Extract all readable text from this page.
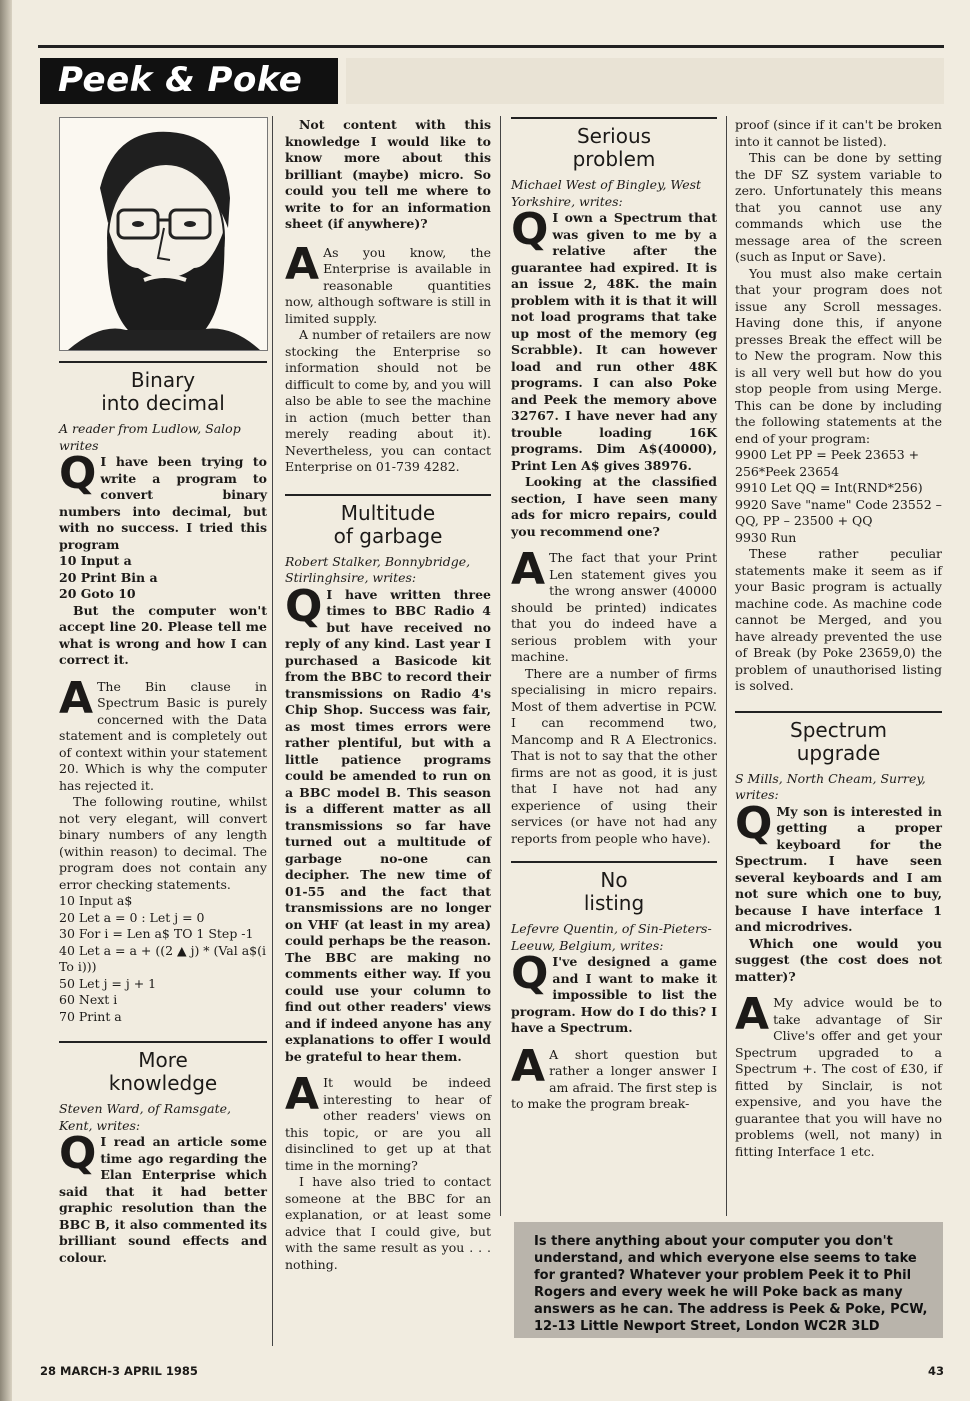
Peek & Poke
Binary
into decimal

A reader from Ludlow, Salop writes

Q I have been trying to write a program to convert binary numbers into decimal, but with no success. I tried this program

10 Input a

20 Print Bin a

20 Goto 10

But the computer won't accept line 20. Please tell me what is wrong and how I can correct it.

A The Bin clause in Spectrum Basic is purely concerned with the Data statement and is completely out of context within your statement 20. Which is why the computer has rejected it.

The following routine, whilst not very elegant, will convert binary numbers of any length (within reason) to decimal. The program does not contain any error checking statements.

10 Input a$

20 Let a = 0 : Let j = 0

30 For i = Len a$ TO 1 Step -1

40 Let a = a + ((2 ▲ j) * (Val a$(i To i)))

50 Let j = j + 1

60 Next i

70 Print a

More
knowledge

Steven Ward, of Ramsgate, Kent, writes:

Q I read an article some time ago regarding the Elan Enterprise which said that it had better graphic resolution than the BBC B, it also commented its brilliant sound effects and colour.

Not content with this knowledge I would like to know more about this brilliant (maybe) micro. So could you tell me where to write to for an information sheet (if anywhere)?

A As you know, the Enterprise is available in reasonable quantities now, although software is still in limited supply.

A number of retailers are now stocking the Enterprise so information should not be difficult to come by, and you will also be able to see the machine in action (much better than merely reading about it). Nevertheless, you can contact Enterprise on 01-739 4282.

Multitude
of garbage

Robert Stalker, Bonnybridge, Stirlinghsire, writes:

Q I have written three times to BBC Radio 4 but have received no reply of any kind. Last year I purchased a Basicode kit from the BBC to record their transmissions on Radio 4's Chip Shop. Success was fair, as most times errors were rather plentiful, but with a little patience programs could be amended to run on a BBC model B. This season is a different matter as all transmissions so far have turned out a multitude of garbage no-one can decipher. The new time of 01-55 and the fact that transmissions are no longer on VHF (at least in my area) could perhaps be the reason. The BBC are making no comments either way. If you could use your column to find out other readers' views and if indeed anyone has any explanations to offer I would be grateful to hear them.

A It would be indeed interesting to hear of other readers' views on this topic, or are you all disinclined to get up at that time in the morning?

I have also tried to contact someone at the BBC for an explanation, or at least some advice that I could give, but with the same result as you . . . nothing.

Serious
problem

Michael West of Bingley, West Yorkshire, writes:

Q I own a Spectrum that was given to me by a relative after the guarantee had expired. It is an issue 2, 48K. the main problem with it is that it will not load programs that take up most of the memory (eg Scrabble). It can however load and run other 48K programs. I can also Poke and Peek the memory above 32767. I have never had any trouble loading 16K programs. Dim A$(40000), Print Len A$ gives 38976.

Looking at the classified section, I have seen many ads for micro repairs, could you recommend one?

A The fact that your Print Len statement gives you the wrong answer (40000 should be printed) indicates that you do indeed have a serious problem with your machine.

There are a number of firms specialising in micro repairs. Most of them advertise in PCW. I can recommend two, Mancomp and R A Electronics. That is not to say that the other firms are not as good, it is just that I have not had any experience of using their services (or have not had any reports from people who have).

No
listing

Lefevre Quentin, of Sin-Pieters-Leeuw, Belgium, writes:

Q I've designed a game and I want to make it impossible to list the program. How do I do this? I have a Spectrum.

A A short question but rather a longer answer I am afraid. The first step is to make the program break-

proof (since if it can't be broken into it cannot be listed).

This can be done by setting the DF SZ system variable to zero. Unfortunately this means that you cannot use any commands which use the message area of the screen (such as Input or Save).

You must also make certain that your program does not issue any Scroll messages. Having done this, if anyone presses Break the effect will be to New the program. Now this is all very well but how do you stop people from using Merge. This can be done by including the following statements at the end of your program:

9900 Let PP = Peek 23653 + 256*Peek 23654

9910 Let QQ = Int(RND*256)

9920 Save "name" Code 23552 – QQ, PP – 23500 + QQ

9930 Run

These rather peculiar statements make it seem as if your Basic program is actually machine code. As machine code cannot be Merged, and you have already prevented the use of Break (by Poke 23659,0) the problem of unauthorised listing is solved.

Spectrum
upgrade

S Mills, North Cheam, Surrey, writes:

Q My son is interested in getting a proper keyboard for the Spectrum. I have seen several keyboards and I am not sure which one to buy, because I have interface 1 and microdrives.

Which one would you suggest (the cost does not matter)?

A My advice would be to take advantage of Sir Clive's offer and get your Spectrum upgraded to a Spectrum +. The cost of £30, if fitted by Sinclair, is not expensive, and you have the guarantee that you will have no problems (well, not many) in fitting Interface 1 etc.

Is there anything about your computer you don't understand, and which everyone else seems to take for granted? Whatever your problem Peek it to Phil Rogers and every week he will Poke back as many answers as he can. The address is Peek & Poke, PCW, 12-13 Little Newport Street, London WC2R 3LD
28 MARCH-3 APRIL 1985	43
